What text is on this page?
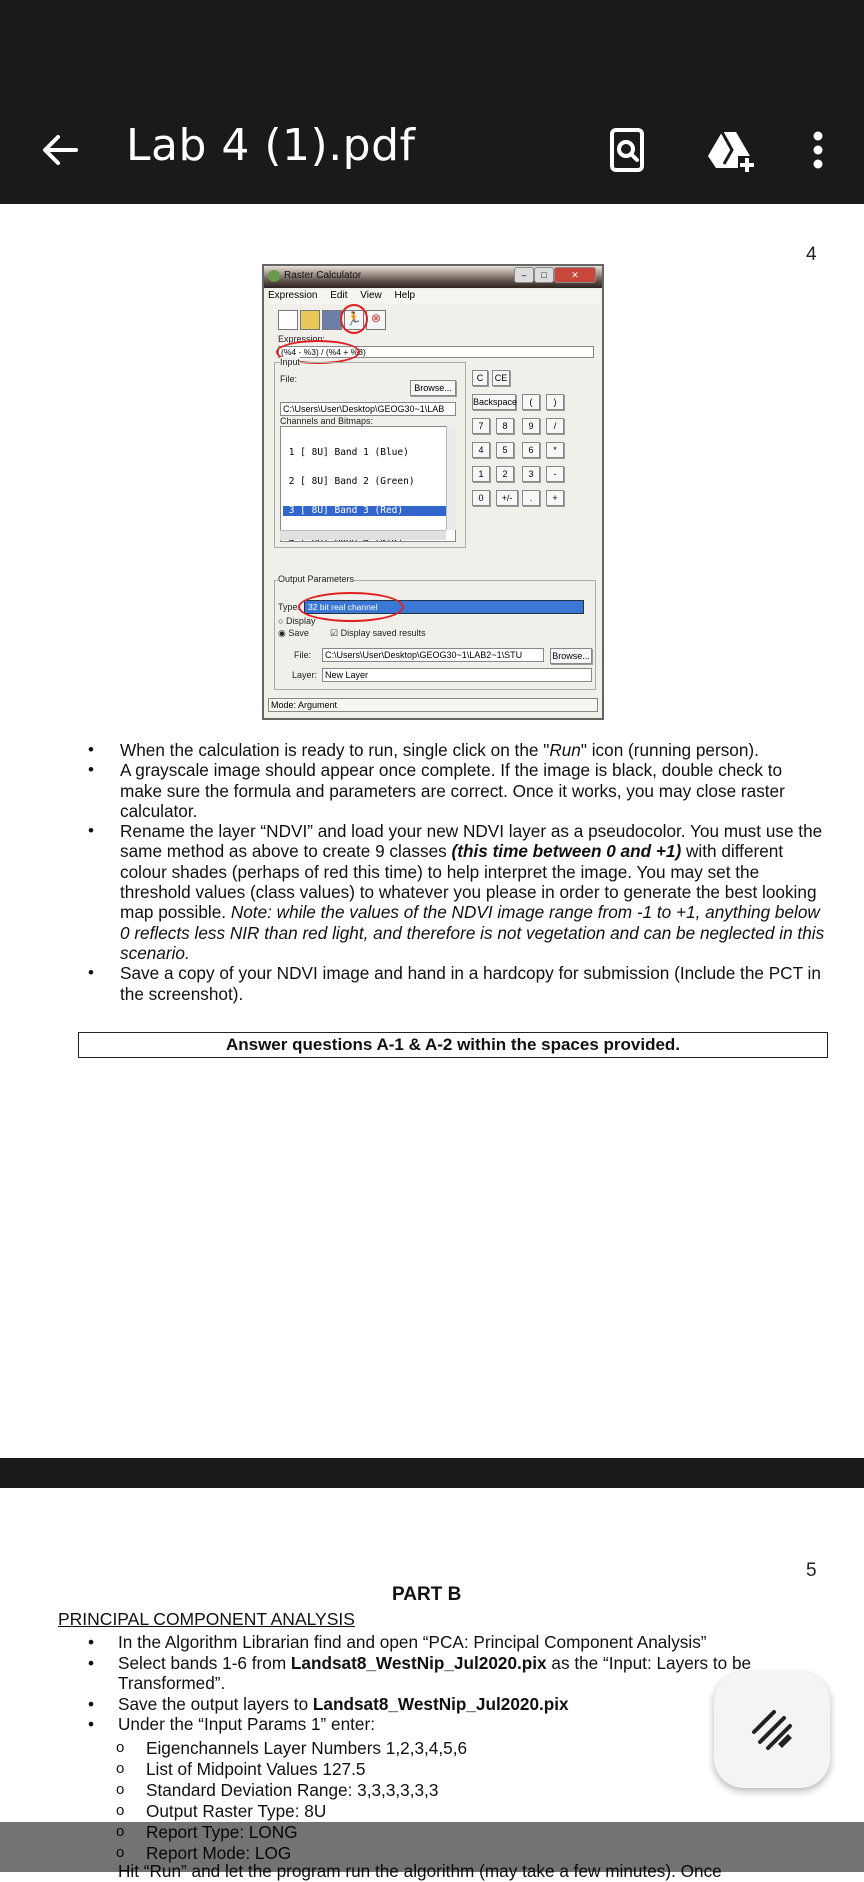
Lab 4 (1).pdf
4
Raster Calculator	–	□	✕
Expression Edit View Help
🏃 ⊗
Expression:
(%4 - %3) / (%4 + %3)
Input
File:
Browse...
C:\Users\User\Desktop\GEOG30~1\LAB
Channels and Bitmaps:

1 [ 8U] Band 1 (Blue)

2 [ 8U] Band 2 (Green)

3 [ 8U] Band 3 (Red)

C	CE
Backspace	(	)
7	8	9	/
4	5	6	*
1	2	3	-
0	+/-	.	+
Output Parameters
Type: 32 bit real channel
○ Display
◉ Save ☑ Display saved results
File:	C:\Users\User\Desktop\GEOG30~1\LAB2~1\STU	Browse...
Layer: New Layer
Mode: Argument
• When the calculation is ready to run, single click on the "Run" icon (running person).
• A grayscale image should appear once complete. If the image is black, double check to make sure the formula and parameters are correct. Once it works, you may close raster calculator.
• Rename the layer “NDVI” and load your new NDVI layer as a pseudocolor. You must use the same method as above to create 9 classes (this time between 0 and +1) with different colour shades (perhaps of red this time) to help interpret the image. You may set the threshold values (class values) to whatever you please in order to generate the best looking map possible. Note: while the values of the NDVI image range from -1 to +1, anything below 0 reflects less NIR than red light, and therefore is not vegetation and can be neglected in this scenario.
• Save a copy of your NDVI image and hand in a hardcopy for submission (Include the PCT in the screenshot).
Answer questions A-1 & A-2 within the spaces provided.
5
PART B
PRINCIPAL COMPONENT ANALYSIS
• In the Algorithm Librarian find and open “PCA: Principal Component Analysis”
• Select bands 1-6 from Landsat8_WestNip_Jul2020.pix as the “Input: Layers to be Transformed”.
• Save the output layers to Landsat8_WestNip_Jul2020.pix
• Under the “Input Params 1” enter:
o Eigenchannels Layer Numbers 1,2,3,4,5,6
o List of Midpoint Values 127.5
o Standard Deviation Range: 3,3,3,3,3,3
o Output Raster Type: 8U
o
o
